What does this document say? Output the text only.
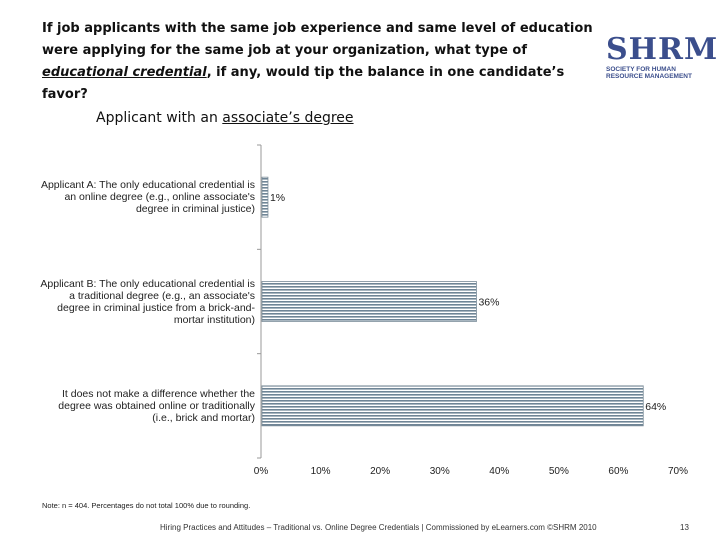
If job applicants with the same job experience and same level of education were applying for the same job at your organization, what type of educational credential, if any, would tip the balance in one candidate’s favor?
SHRM
SOCIETY FOR HUMAN RESOURCE MANAGEMENT
Applicant with an associate’s degree
1%
36%
64%
0%	10%	20%	30%	40%	50%	60%	70%
Applicant A: The only educational credential is an online degree (e.g., online associate's degree in criminal justice)
Applicant B: The only educational credential is a traditional degree (e.g., an associate's degree in criminal justice from a brick-and-mortar institution)
It does not make a difference whether the degree was obtained online or traditionally (i.e., brick and mortar)
Note: n = 404. Percentages do not total 100% due to rounding.
Hiring Practices and Attitudes – Traditional vs. Online Degree Credentials | Commissioned by eLearners.com ©SHRM 2010	13
